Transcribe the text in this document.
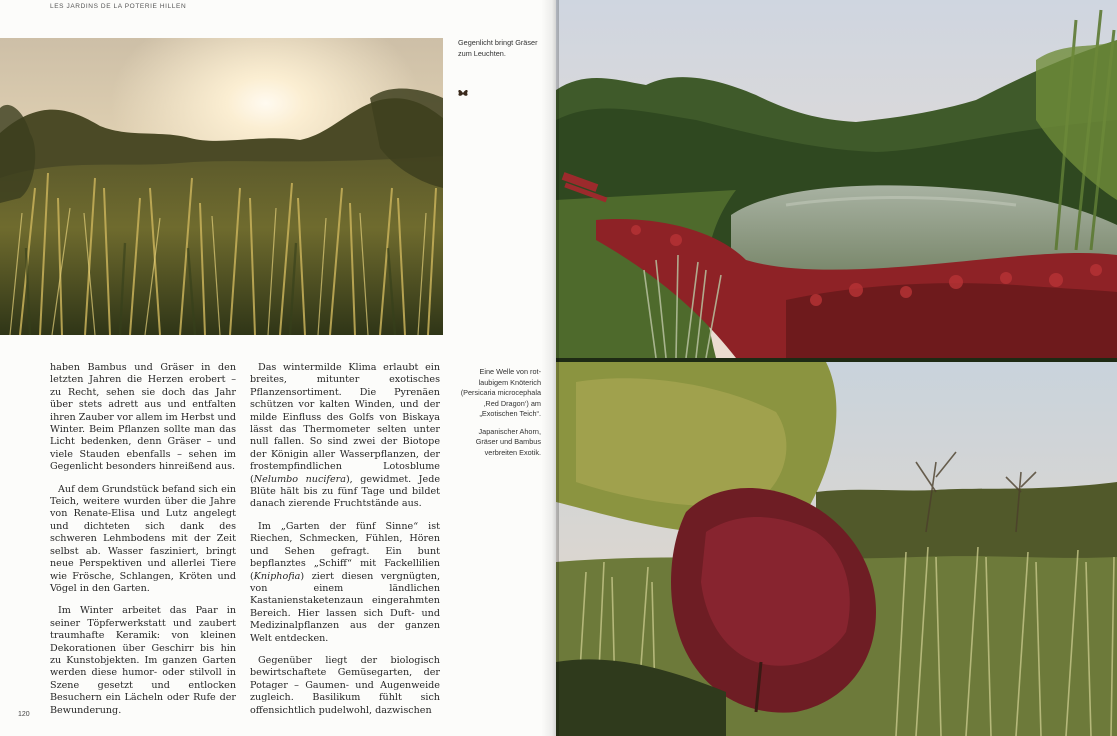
LES JARDINS DE LA POTERIE HILLEN

Gegenlicht bringt Gräser zum Leuchten.

Eine Welle von rot-laubigem Knöterich (Persicaria microcephala ‚Red Dragon‘) am „Exotischen Teich“.

Japanischer Ahorn, Gräser und Bambus verbreiten Exotik.

haben Bambus und Gräser in den letzten Jahren die Herzen erobert – zu Recht, sehen sie doch das Jahr über stets adrett aus und entfalten ihren Zauber vor allem im Herbst und Winter. Beim Pflanzen sollte man das Licht bedenken, denn Gräser – und viele Stauden ebenfalls – sehen im Gegenlicht besonders hinreißend aus.

Auf dem Grundstück befand sich ein Teich, weitere wurden über die Jahre von Renate-Elisa und Lutz angelegt und dichteten sich dank des schweren Lehmbodens mit der Zeit selbst ab. Wasser fasziniert, bringt neue Perspektiven und allerlei Tiere wie Frösche, Schlangen, Kröten und Vögel in den Garten.

Im Winter arbeitet das Paar in seiner Töpferwerkstatt und zaubert traumhafte Keramik: von kleinen Dekorationen über Geschirr bis hin zu Kunstobjekten. Im ganzen Garten werden diese humor- oder stilvoll in Szene gesetzt und entlocken Besuchern ein Lächeln oder Rufe der Bewunderung.

Das wintermilde Klima erlaubt ein breites, mitunter exotisches Pflanzensortiment. Die Pyrenäen schützen vor kalten Winden, und der milde Einfluss des Golfs von Biskaya lässt das Thermometer selten unter null fallen. So sind zwei der Biotope der Königin aller Wasserpflanzen, der frostempfindlichen Lotosblume (Nelumbo nucifera), gewidmet. Jede Blüte hält bis zu fünf Tage und bildet danach zierende Fruchtstände aus.

Im „Garten der fünf Sinne“ ist Riechen, Schmecken, Fühlen, Hören und Sehen gefragt. Ein bunt bepflanztes „Schiff“ mit Fackellilien (Kniphofia) ziert diesen vergnügten, von einem ländlichen Kastanienstaketenzaun eingerahmten Bereich. Hier lassen sich Duft- und Medizinalpflanzen aus der ganzen Welt entdecken.

Gegenüber liegt der biologisch bewirtschaftete Gemüsegarten, der Potager – Gaumen- und Augenweide zugleich. Basilikum fühlt sich offensichtlich pudelwohl, dazwischen

120
